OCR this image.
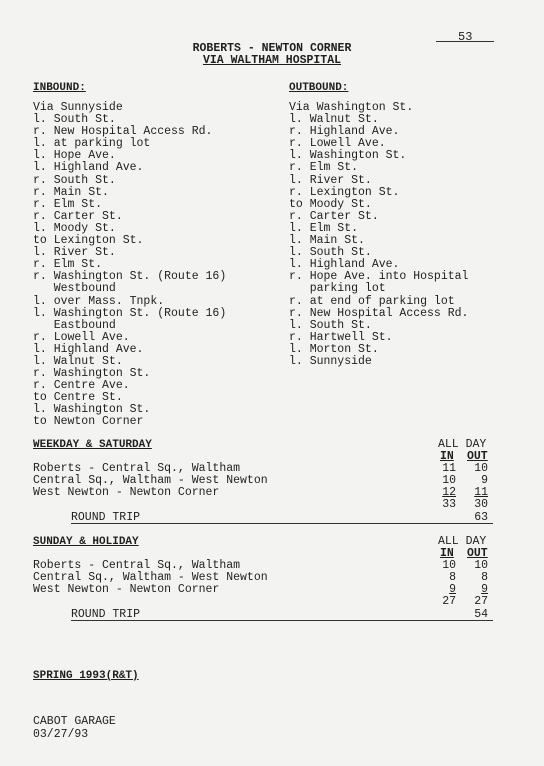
53
ROBERTS - NEWTON CORNER
VIA WALTHAM HOSPITAL
INBOUND:	OUTBOUND:
Via Sunnyside
l. South St.
r. New Hospital Access Rd.
l. at parking lot
l. Hope Ave.
l. Highland Ave.
r. South St.
r. Main St.
r. Elm St.
r. Carter St.
l. Moody St.
to Lexington St.
l. River St.
r. Elm St.
r. Washington St. (Route 16)
Westbound
l. over Mass. Tnpk.
l. Washington St. (Route 16)
Eastbound
r. Lowell Ave.
l. Highland Ave.
l. Walnut St.
r. Washington St.
r. Centre Ave.
to Centre St.
l. Washington St.
to Newton Corner
Via Washington St.
l. Walnut St.
r. Highland Ave.
r. Lowell Ave.
l. Washington St.
r. Elm St.
l. River St.
r. Lexington St.
to Moody St.
r. Carter St.
l. Elm St.
l. Main St.
l. South St.
l. Highland Ave.
r. Hope Ave. into Hospital
parking lot
r. at end of parking lot
r. New Hospital Access Rd.
l. South St.
r. Hartwell St.
l. Morton St.
l. Sunnyside
WEEKDAY & SATURDAY	ALL DAY
IN OUT
Roberts - Central Sq., Waltham	11	10
Central Sq., Waltham - West Newton	10	9
West Newton - Newton Corner	12	11
33	30
ROUND TRIP	63
SUNDAY & HOLIDAY	ALL DAY
IN OUT
Roberts - Central Sq., Waltham	10	10
Central Sq., Waltham - West Newton	8	8
West Newton - Newton Corner	9	9
27	27
ROUND TRIP	54
SPRING 1993(R&T)
CABOT GARAGE
03/27/93
